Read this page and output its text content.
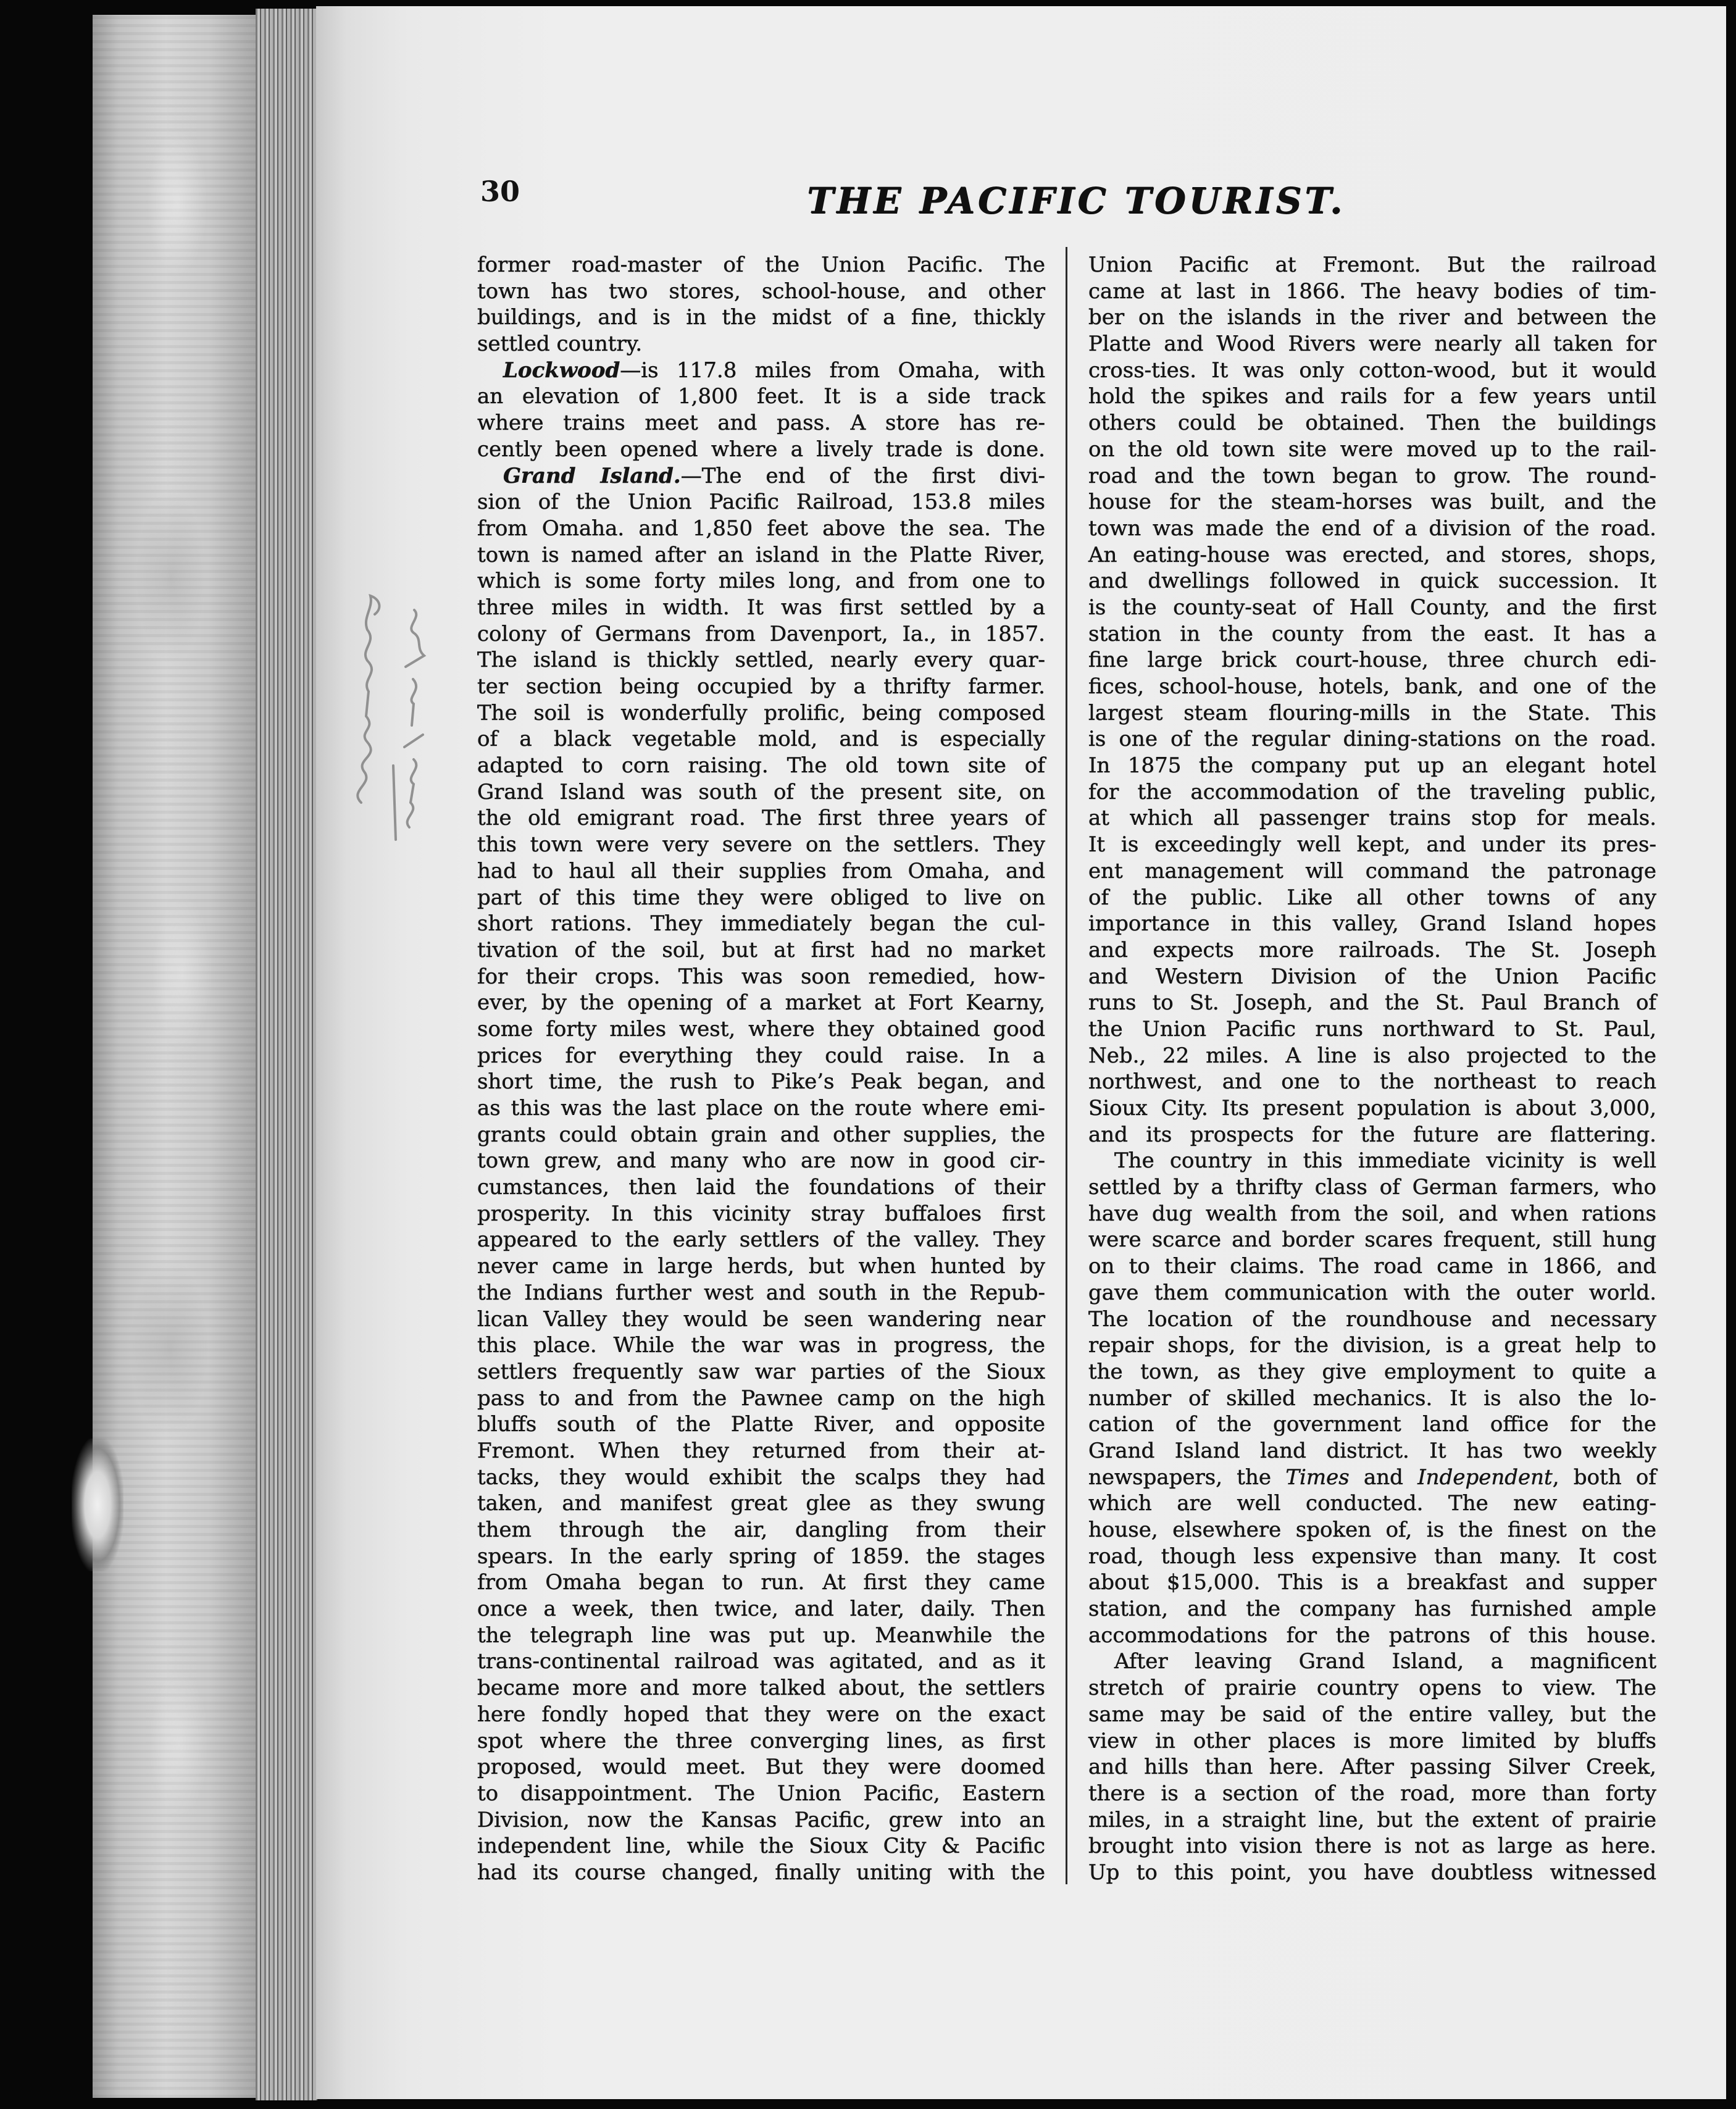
30	THE PACIFIC TOURIST.
former road-master of the Union Pacific. The
town has two stores, school-house, and other
buildings, and is in the midst of a fine, thickly
settled country.
Lockwood—is 117.8 miles from Omaha, with
an elevation of 1,800 feet. It is a side track
where trains meet and pass. A store has re-
cently been opened where a lively trade is done.
Grand Island.—The end of the first divi-
sion of the Union Pacific Railroad, 153.8 miles
from Omaha. and 1,850 feet above the sea. The
town is named after an island in the Platte River,
which is some forty miles long, and from one to
three miles in width. It was first settled by a
colony of Germans from Davenport, Ia., in 1857.
The island is thickly settled, nearly every quar-
ter section being occupied by a thrifty farmer.
The soil is wonderfully prolific, being composed
of a black vegetable mold, and is especially
adapted to corn raising. The old town site of
Grand Island was south of the present site, on
the old emigrant road. The first three years of
this town were very severe on the settlers. They
had to haul all their supplies from Omaha, and
part of this time they were obliged to live on
short rations. They immediately began the cul-
tivation of the soil, but at first had no market
for their crops. This was soon remedied, how-
ever, by the opening of a market at Fort Kearny,
some forty miles west, where they obtained good
prices for everything they could raise. In a
short time, the rush to Pike’s Peak began, and
as this was the last place on the route where emi-
grants could obtain grain and other supplies, the
town grew, and many who are now in good cir-
cumstances, then laid the foundations of their
prosperity. In this vicinity stray buffaloes first
appeared to the early settlers of the valley. They
never came in large herds, but when hunted by
the Indians further west and south in the Repub-
lican Valley they would be seen wandering near
this place. While the war was in progress, the
settlers frequently saw war parties of the Sioux
pass to and from the Pawnee camp on the high
bluffs south of the Platte River, and opposite
Fremont. When they returned from their at-
tacks, they would exhibit the scalps they had
taken, and manifest great glee as they swung
them through the air, dangling from their
spears. In the early spring of 1859. the stages
from Omaha began to run. At first they came
once a week, then twice, and later, daily. Then
the telegraph line was put up. Meanwhile the
trans-continental railroad was agitated, and as it
became more and more talked about, the settlers
here fondly hoped that they were on the exact
spot where the three converging lines, as first
proposed, would meet. But they were doomed
to disappointment. The Union Pacific, Eastern
Division, now the Kansas Pacific, grew into an
independent line, while the Sioux City & Pacific
had its course changed, finally uniting with the
Union Pacific at Fremont. But the railroad
came at last in 1866. The heavy bodies of tim-
ber on the islands in the river and between the
Platte and Wood Rivers were nearly all taken for
cross-ties. It was only cotton-wood, but it would
hold the spikes and rails for a few years until
others could be obtained. Then the buildings
on the old town site were moved up to the rail-
road and the town began to grow. The round-
house for the steam-horses was built, and the
town was made the end of a division of the road.
An eating-house was erected, and stores, shops,
and dwellings followed in quick succession. It
is the county-seat of Hall County, and the first
station in the county from the east. It has a
fine large brick court-house, three church edi-
fices, school-house, hotels, bank, and one of the
largest steam flouring-mills in the State. This
is one of the regular dining-stations on the road.
In 1875 the company put up an elegant hotel
for the accommodation of the traveling public,
at which all passenger trains stop for meals.
It is exceedingly well kept, and under its pres-
ent management will command the patronage
of the public. Like all other towns of any
importance in this valley, Grand Island hopes
and expects more railroads. The St. Joseph
and Western Division of the Union Pacific
runs to St. Joseph, and the St. Paul Branch of
the Union Pacific runs northward to St. Paul,
Neb., 22 miles. A line is also projected to the
northwest, and one to the northeast to reach
Sioux City. Its present population is about 3,000,
and its prospects for the future are flattering.
The country in this immediate vicinity is well
settled by a thrifty class of German farmers, who
have dug wealth from the soil, and when rations
were scarce and border scares frequent, still hung
on to their claims. The road came in 1866, and
gave them communication with the outer world.
The location of the roundhouse and necessary
repair shops, for the division, is a great help to
the town, as they give employment to quite a
number of skilled mechanics. It is also the lo-
cation of the government land office for the
Grand Island land district. It has two weekly
newspapers, the Times and Independent, both of
which are well conducted. The new eating-
house, elsewhere spoken of, is the finest on the
road, though less expensive than many. It cost
about $15,000. This is a breakfast and supper
station, and the company has furnished ample
accommodations for the patrons of this house.
After leaving Grand Island, a magnificent
stretch of prairie country opens to view. The
same may be said of the entire valley, but the
view in other places is more limited by bluffs
and hills than here. After passing Silver Creek,
there is a section of the road, more than forty
miles, in a straight line, but the extent of prairie
brought into vision there is not as large as here.
Up to this point, you have doubtless witnessed
